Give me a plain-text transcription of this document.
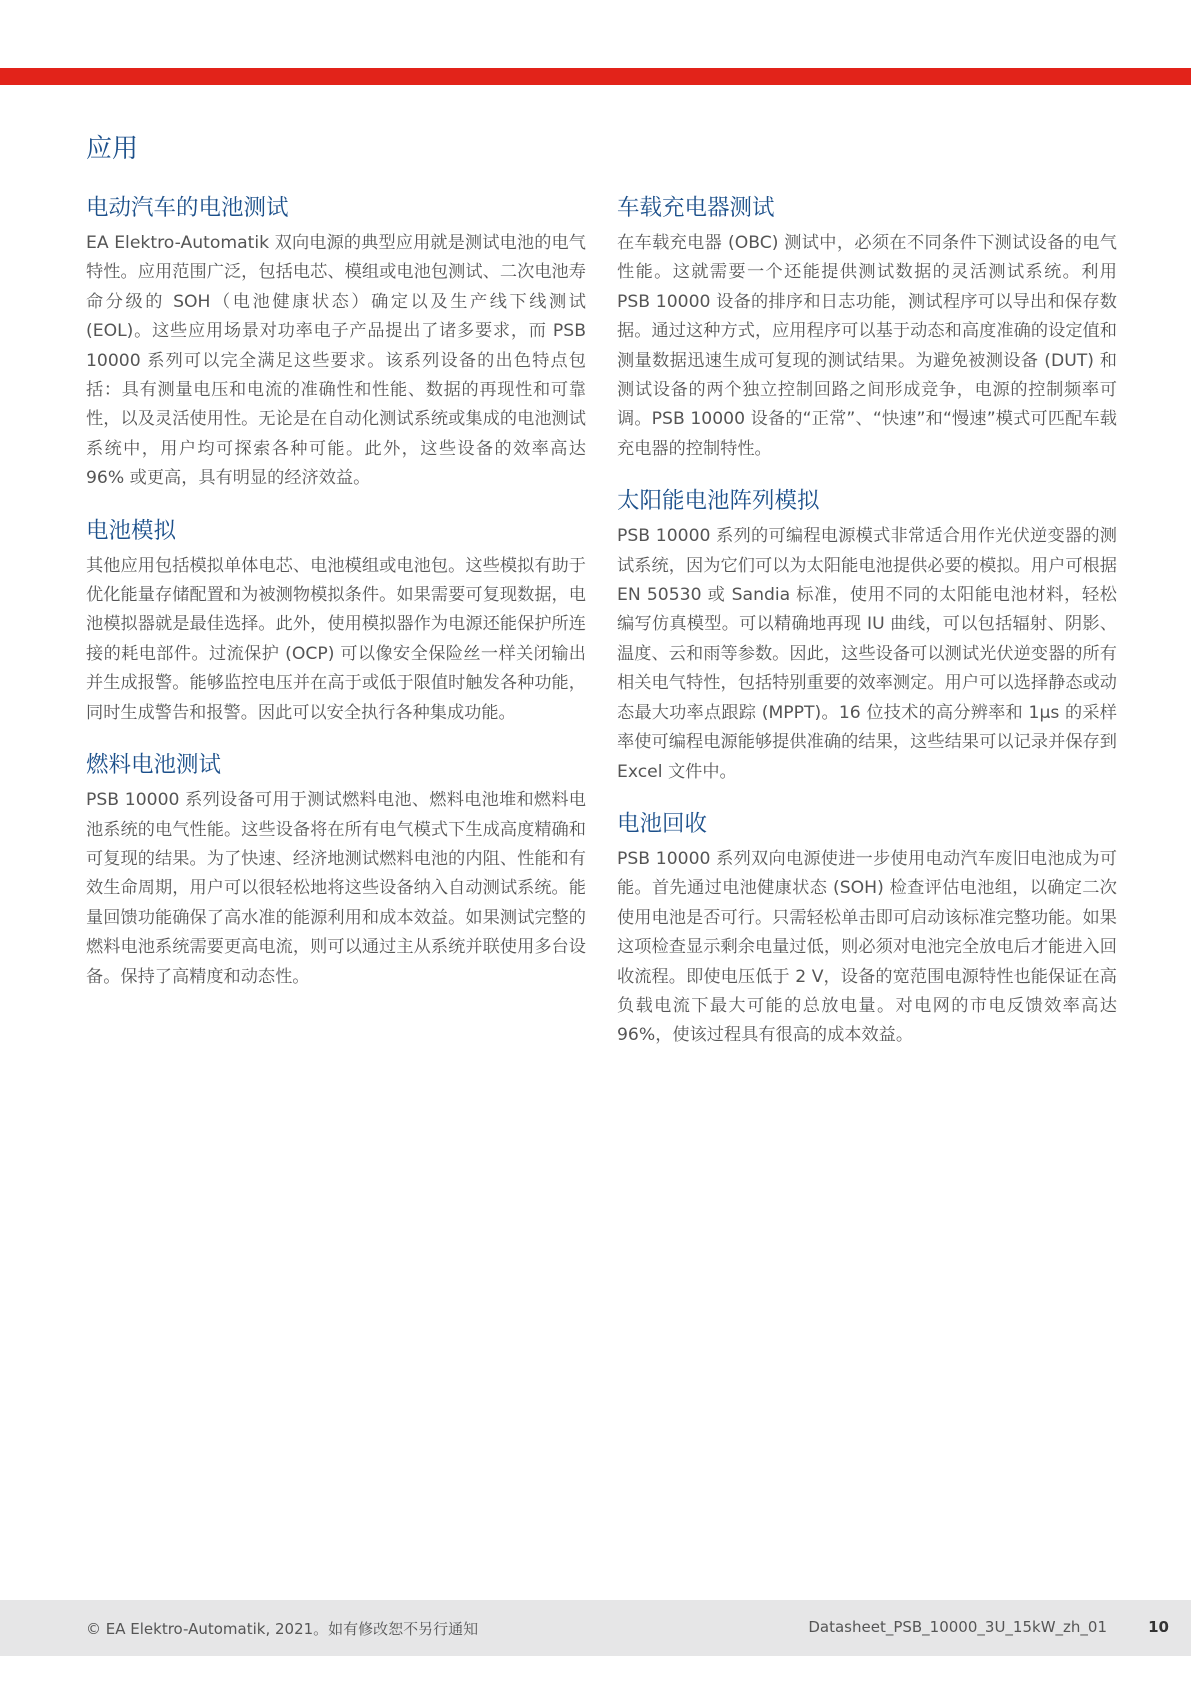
应用
电动汽车的电池测试

EA Elektro-Automatik 双向电源的典型应用就是测试电池的电气特性。应用范围广泛，包括电芯、模组或电池包测试、二次电池寿命分级的 SOH（电池健康状态）确定以及生产线下线测试 (EOL)。这些应用场景对功率电子产品提出了诸多要求，而 PSB 10000 系列可以完全满足这些要求。该系列设备的出色特点包括：具有测量电压和电流的准确性和性能、数据的再现性和可靠性，以及灵活使用性。无论是在自动化测试系统或集成的电池测试系统中，用户均可探索各种可能。此外，这些设备的效率高达 96% 或更高，具有明显的经济效益。

电池模拟

其他应用包括模拟单体电芯、电池模组或电池包。这些模拟有助于优化能量存储配置和为被测物模拟条件。如果需要可复现数据，电池模拟器就是最佳选择。此外，使用模拟器作为电源还能保护所连接的耗电部件。过流保护 (OCP) 可以像安全保险丝一样关闭输出并生成报警。能够监控电压并在高于或低于限值时触发各种功能，同时生成警告和报警。因此可以安全执行各种集成功能。

燃料电池测试

PSB 10000 系列设备可用于测试燃料电池、燃料电池堆和燃料电池系统的电气性能。这些设备将在所有电气模式下生成高度精确和可复现的结果。为了快速、经济地测试燃料电池的内阻、性能和有效生命周期，用户可以很轻松地将这些设备纳入自动测试系统。能量回馈功能确保了高水准的能源利用和成本效益。如果测试完整的燃料电池系统需要更高电流，则可以通过主从系统并联使用多台设备。保持了高精度和动态性。

车载充电器测试

在车载充电器 (OBC) 测试中，必须在不同条件下测试设备的电气性能。这就需要一个还能提供测试数据的灵活测试系统。利用 PSB 10000 设备的排序和日志功能，测试程序可以导出和保存数据。通过这种方式，应用程序可以基于动态和高度准确的设定值和测量数据迅速生成可复现的测试结果。为避免被测设备 (DUT) 和测试设备的两个独立控制回路之间形成竞争，电源的控制频率可调。PSB 10000 设备的“正常”、“快速”和“慢速”模式可匹配车载充电器的控制特性。

太阳能电池阵列模拟

PSB 10000 系列的可编程电源模式非常适合用作光伏逆变器的测试系统，因为它们可以为太阳能电池提供必要的模拟。用户可根据 EN 50530 或 Sandia 标准，使用不同的太阳能电池材料，轻松编写仿真模型。可以精确地再现 IU 曲线，可以包括辐射、阴影、温度、云和雨等参数。因此，这些设备可以测试光伏逆变器的所有相关电气特性，包括特别重要的效率测定。用户可以选择静态或动态最大功率点跟踪 (MPPT)。16 位技术的高分辨率和 1µs 的采样率使可编程电源能够提供准确的结果，这些结果可以记录并保存到 Excel 文件中。

电池回收

PSB 10000 系列双向电源使进一步使用电动汽车废旧电池成为可能。首先通过电池健康状态 (SOH) 检查评估电池组，以确定二次使用电池是否可行。只需轻松单击即可启动该标准完整功能。如果这项检查显示剩余电量过低，则必须对电池完全放电后才能进入回收流程。即使电压低于 2 V，设备的宽范围电源特性也能保证在高负载电流下最大可能的总放电量。对电网的市电反馈效率高达 96%，使该过程具有很高的成本效益。

© EA Elektro-Automatik, 2021。如有修改恕不另行通知	Datasheet_PSB_10000_3U_15kW_zh_01	10
